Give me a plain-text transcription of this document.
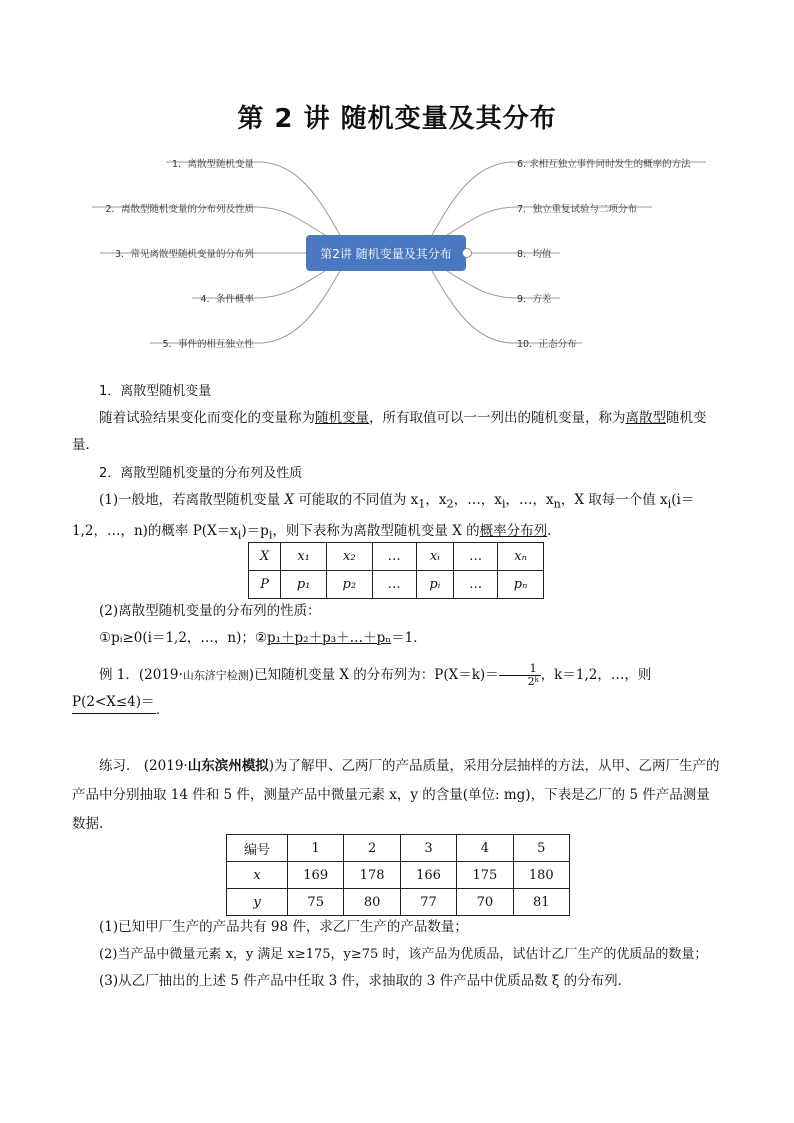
第 2 讲 随机变量及其分布
第2讲 随机变量及其分布
1．离散型随机变量
2．离散型随机变量的分布列及性质
3．常见离散型随机变量的分布列
4．条件概率
5．事件的相互独立性
6. 求相互独立事件同时发生的概率的方法
7．独立重复试验与二项分布
8．均值
9．方差
10．正态分布
1．离散型随机变量
随着试验结果变化而变化的变量称为随机变量，所有取值可以一一列出的随机变量，称为离散型随机变量．
2．离散型随机变量的分布列及性质
(1)一般地，若离散型随机变量 X 可能取的不同值为 $x_1$，$x_2$，…，$x_i$，…，$x_n$，X 取每一个值 $x_i(i=1,2$，…，n)的概率 $P(X=x_i)=p_i$，则下表称为离散型随机变量 X 的概率分布列.
X	x₁	x₂	…	xᵢ	…	xₙ
P	p₁	p₂	…	pᵢ	…	pₙ
(2)离散型随机变量的分布列的性质：
①pᵢ≥0(i＝1,2，…，n)；②p₁＋p₂＋p₃＋…＋pₙ＝1．
例 1．(2019·山东济宁检测)已知随机变量 X 的分布列为：$P(X=k)= \frac{1}{\text{2ᵏ}}$ ，k＝1,2，…，则 P(2<X≤4)＝ ．
练习． (2019·山东滨州模拟)为了解甲、乙两厂的产品质量，采用分层抽样的方法，从甲、乙两厂生产的产品中分别抽取 14 件和 5 件，测量产品中微量元素 x，y 的含量(单位: mg)，下表是乙厂的 5 件产品测量数据.
编号	1	2	3	4	5
x	169	178	166	175	180
y	75	80	77	70	81
(1)已知甲厂生产的产品共有 98 件，求乙厂生产的产品数量；
(2)当产品中微量元素 x，y 满足 x≥175，y≥75 时，该产品为优质品，试估计乙厂生产的优质品的数量；
(3)从乙厂抽出的上述 5 件产品中任取 3 件，求抽取的 3 件产品中优质品数 ξ 的分布列．
